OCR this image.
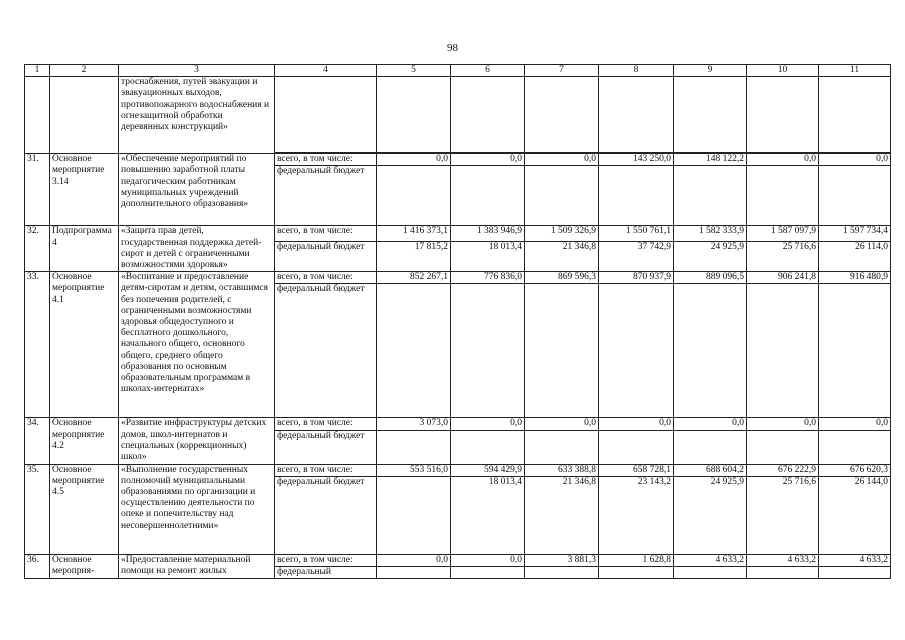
98
1	2	3	4	5	6	7	8	9	10	11
		троснабжения, путей эвакуации и эвакуационных выходов, противопожарного водоснабжения и огнезащитной обработки деревянных конструкций»								

31.	Основное мероприятие 3.14	«Обеспечение мероприятий по повышению заработной платы педагогическим работникам муниципальных учреждений дополнительного образования»	всего, в том числе:	0,0	0,0	0,0	143 250,0	148 122,2	0,0	0,0
			федеральный бюджет							
32.	Подпрограмма 4	«Защита прав детей, государственная поддержка детей-сирот и детей с ограниченными возможностями здоровья»	всего, в том числе:	1 416 373,1	1 383 946,9	1 509 326,9	1 550 761,1	1 582 333,9	1 587 097,9	1 597 734,4
			федеральный бюджет	17 815,2	18 013,4	21 346,8	37 742,9	24 925,9	25 716,6	26 114,0
33.	Основное мероприятие 4.1	«Воспитание и предоставление детям-сиротам и детям, оставшимся без попечения родителей, с ограниченными возможностями здоровья общедоступного и бесплатного дошкольного, начального общего, основного общего, среднего общего образования по основным образовательным программам в школах-интернатах»	всего, в том числе:	852 267,1	776 836,0	869 596,3	870 937,9	889 096,5	906 241,8	916 480,9
			федеральный бюджет							
34.	Основное мероприятие 4.2	«Развитие инфраструктуры детских домов, школ-интернатов и специальных (коррекционных) школ»	всего, в том числе:	3 073,0	0,0	0,0	0,0	0,0	0,0	0,0
			федеральный бюджет							
35.	Основное мероприятие 4.5	«Выполнение государственных полномочий муниципальными образованиями по организации и осуществлению деятельности по опеке и попечительству над несовершеннолетними»	всего, в том числе:	553 516,0	594 429,9	633 388,8	658 728,1	688 604,2	676 222,9	676 620,3
			федеральный бюджет		18 013,4	21 346,8	23 143,2	24 925,9	25 716,6	26 144,0
36.	Основное мероприя-	«Предоставление материальной помощи на ремонт жилых	всего, в том числе:	0,0	0,0	3 881,3	1 628,8	4 633,2	4 633,2	4 633,2
			федеральный							
